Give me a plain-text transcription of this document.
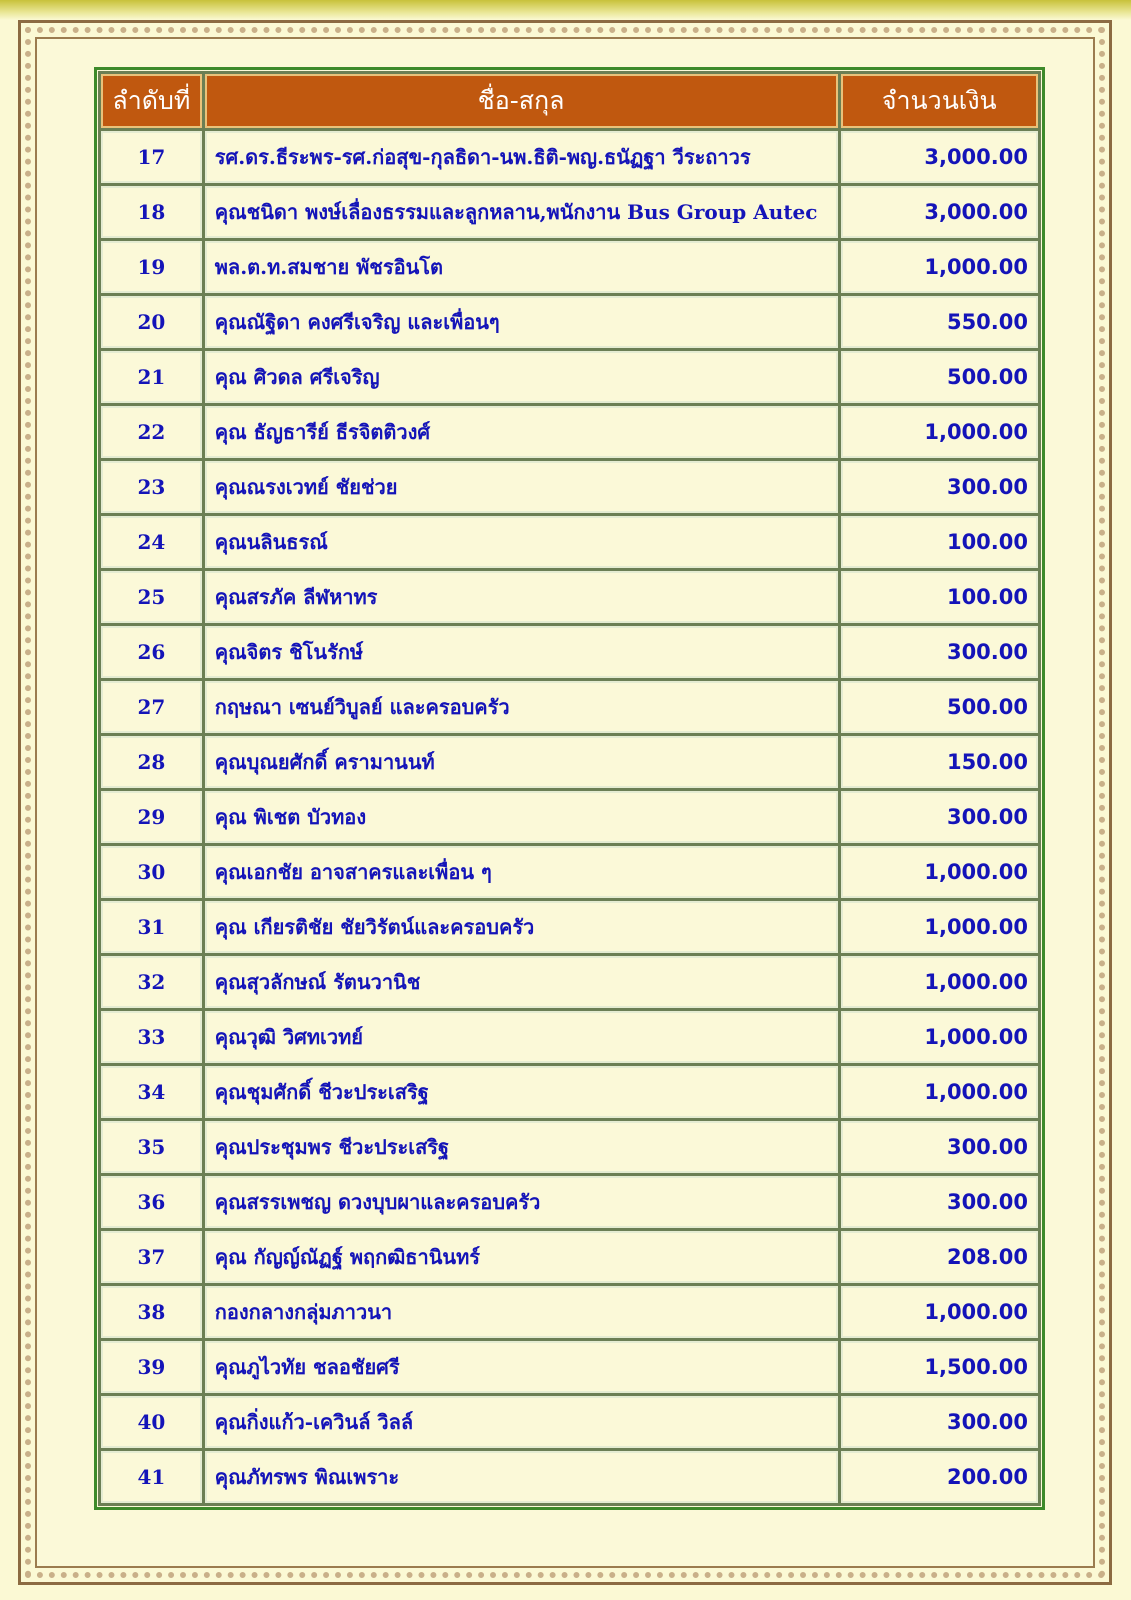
ลำดับที่	ชื่อ-สกุล	จำนวนเงิน
17	รศ.ดร.ธีระพร-รศ.ก่อสุข-กุลธิดา-นพ.ธิติ-พญ.ธนัฏฐา วีระถาวร	3,000.00
18	คุณชนิดา พงษ์เลื่องธรรมและลูกหลาน,พนักงาน Bus Group Autec	3,000.00
19	พล.ต.ท.สมชาย พัชรอินโต	1,000.00
20	คุณณัฐิดา คงศรีเจริญ และเพื่อนๆ	550.00
21	คุณ ศิวดล ศรีเจริญ	500.00
22	คุณ ธัญธารีย์ ธีรจิตติวงศ์	1,000.00
23	คุณณรงเวทย์ ชัยช่วย	300.00
24	คุณนลินธรณ์	100.00
25	คุณสรภัค ลีฬหาทร	100.00
26	คุณจิตร ชิโนรักษ์	300.00
27	กฤษณา เซนย์วิบูลย์ และครอบครัว	500.00
28	คุณบุณยศักดิ์ ครามานนท์	150.00
29	คุณ พิเชต บัวทอง	300.00
30	คุณเอกชัย อาจสาครและเพื่อน ๆ	1,000.00
31	คุณ เกียรติชัย ชัยวิรัตน์และครอบครัว	1,000.00
32	คุณสุวลักษณ์ รัตนวานิช	1,000.00
33	คุณวุฒิ วิศทเวทย์	1,000.00
34	คุณชุมศักดิ์ ชีวะประเสริฐ	1,000.00
35	คุณประชุมพร ชีวะประเสริฐ	300.00
36	คุณสรรเพชญ ดวงบุบผาและครอบครัว	300.00
37	คุณ กัญญ์ณัฏฐ์ พฤกฒิธานินทร์	208.00
38	กองกลางกลุ่มภาวนา	1,000.00
39	คุณภูไวทัย ชลอชัยศรี	1,500.00
40	คุณกิ่งแก้ว-เควินล์ วิลล์	300.00
41	คุณภัทรพร พิณเพราะ	200.00
